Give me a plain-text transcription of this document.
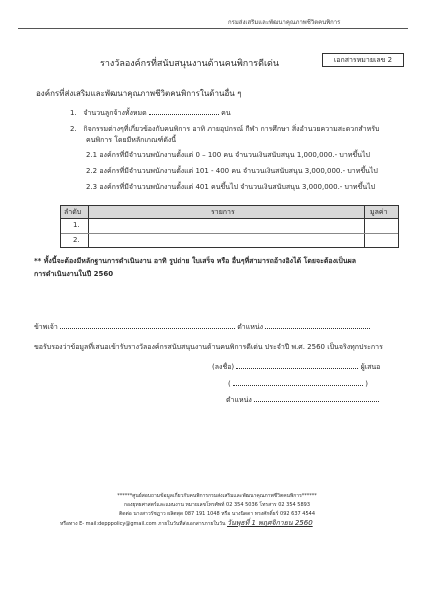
กรมส่งเสริมและพัฒนาคุณภาพชีวิตคนพิการ
เอกสารหมายเลข 2
รางวัลองค์กรที่สนับสนุนงานด้านคนพิการดีเด่น
องค์กรที่ส่งเสริมและพัฒนาคุณภาพชีวิตคนพิการในด้านอื่น ๆ
1. จำนวนลูกจ้างทั้งหมด	คน
2. กิจกรรมต่างๆที่เกี่ยวข้องกับคนพิการ อาทิ ภายอุปกรณ์ กีฬา การศึกษา สิ่งอำนวยความสะดวกสำหรับ
คนพิการ โดยมีหลักเกณฑ์ดังนี้
2.1 องค์กรที่มีจำนวนพนักงานตั้งแต่ 0 – 100 คน จำนวนเงินสนับสนุน 1,000,000.- บาทขึ้นไป
2.2 องค์กรที่มีจำนวนพนักงานตั้งแต่ 101 - 400 คน จำนวนเงินสนับสนุน 3,000,000.- บาทขึ้นไป
2.3 องค์กรที่มีจำนวนพนักงานตั้งแต่ 401 คนขึ้นไป จำนวนเงินสนับสนุน 3,000,000.- บาทขึ้นไป
ลำดับ	รายการ	มูลค่า
1.
2.
** ทั้งนี้จะต้องมีหลักฐานการดำเนินงาน อาทิ รูปถ่าย ใบเสร็จ หรือ อื่นๆที่สามารถอ้างอิงได้ โดยจะต้องเป็นผล
การดำเนินงานในปี 2560
ข้าพเจ้า	ตำแหน่ง
ขอรับรองว่าข้อมูลที่เสนอเข้ารับรางวัลองค์กรสนับสนุนงานด้านคนพิการดีเด่น ประจำปี พ.ศ. 2560 เป็นจริงทุกประการ
(ลงชื่อ)	ผู้เสนอ
(	)
ตำแหน่ง
******ศูนย์สอบถามข้อมูลเกี่ยวกับคนพิการกรมส่งเสริมและพัฒนาคุณภาพชีวิตคนพิการ******
กองยุทธศาสตร์และแผนงาน หมายเลขโทรศัพท์ 02 354 5036 โทรสาร 02 354 5893
ติดต่อ นางสาวรัชฎาว ผลิตพุด 087 191 1048 หรือ นางนิดดา ทรงศักดิ์ธร์ 092 637 4544
หรือทาง E- mail:depppolicy@gmail.com ภายในวันที่ส่งเอกสารภายในวัน วันพุธที่ 1 พฤศจิกายน 2560
